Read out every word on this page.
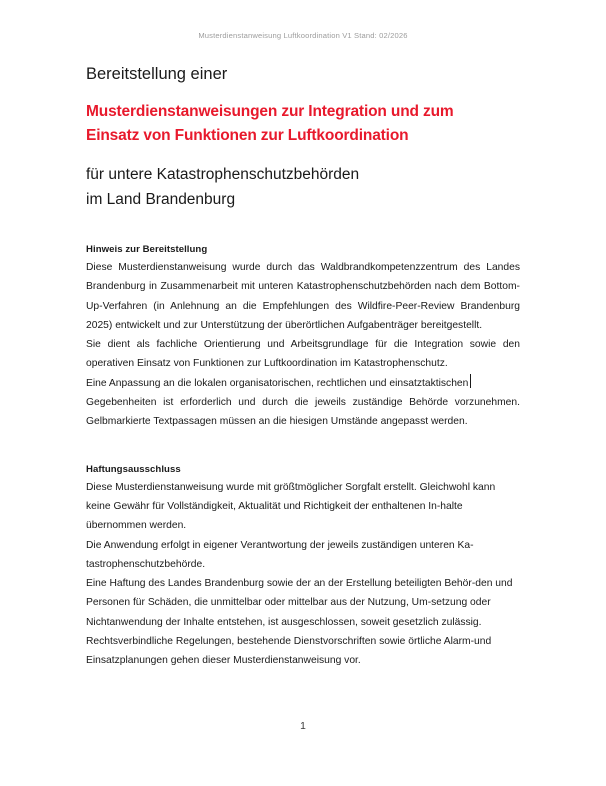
Musterdienstanweisung Luftkoordination V1 Stand: 02/2026
Bereitstellung einer
Musterdienstanweisungen zur Integration und zum
Einsatz von Funktionen zur Luftkoordination
für untere Katastrophenschutzbehörden
im Land Brandenburg
Hinweis zur Bereitstellung

Diese Musterdienstanweisung wurde durch das Waldbrandkompetenzzentrum des Landes Brandenburg in Zusammenarbeit mit unteren Katastrophenschutzbehörden nach dem Bottom-Up-Verfahren (in Anlehnung an die Empfehlungen des Wildfire-Peer-Review Brandenburg 2025) entwickelt und zur Unterstützung der überörtlichen Aufgabenträger bereitgestellt.

Sie dient als fachliche Orientierung und Arbeitsgrundlage für die Integration sowie den operativen Einsatz von Funktionen zur Luftkoordination im Katastrophenschutz.

Eine Anpassung an die lokalen organisatorischen, rechtlichen und einsatztaktischen

Gegebenheiten ist erforderlich und durch die jeweils zuständige Behörde vorzunehmen. Gelbmarkierte Textpassagen müssen an die hiesigen Umstände angepasst werden.

Haftungsausschluss

Diese Musterdienstanweisung wurde mit größtmöglicher Sorgfalt erstellt. Gleichwohl kann keine Gewähr für Vollständigkeit, Aktualität und Richtigkeit der enthaltenen In-halte übernommen werden.

Die Anwendung erfolgt in eigener Verantwortung der jeweils zuständigen unteren Ka-tastrophenschutzbehörde.

Eine Haftung des Landes Brandenburg sowie der an der Erstellung beteiligten Behör-den und Personen für Schäden, die unmittelbar oder mittelbar aus der Nutzung, Um-setzung oder Nichtanwendung der Inhalte entstehen, ist ausgeschlossen, soweit gesetzlich zulässig.

Rechtsverbindliche Regelungen, bestehende Dienstvorschriften sowie örtliche Alarm-und Einsatzplanungen gehen dieser Musterdienstanweisung vor.

1
